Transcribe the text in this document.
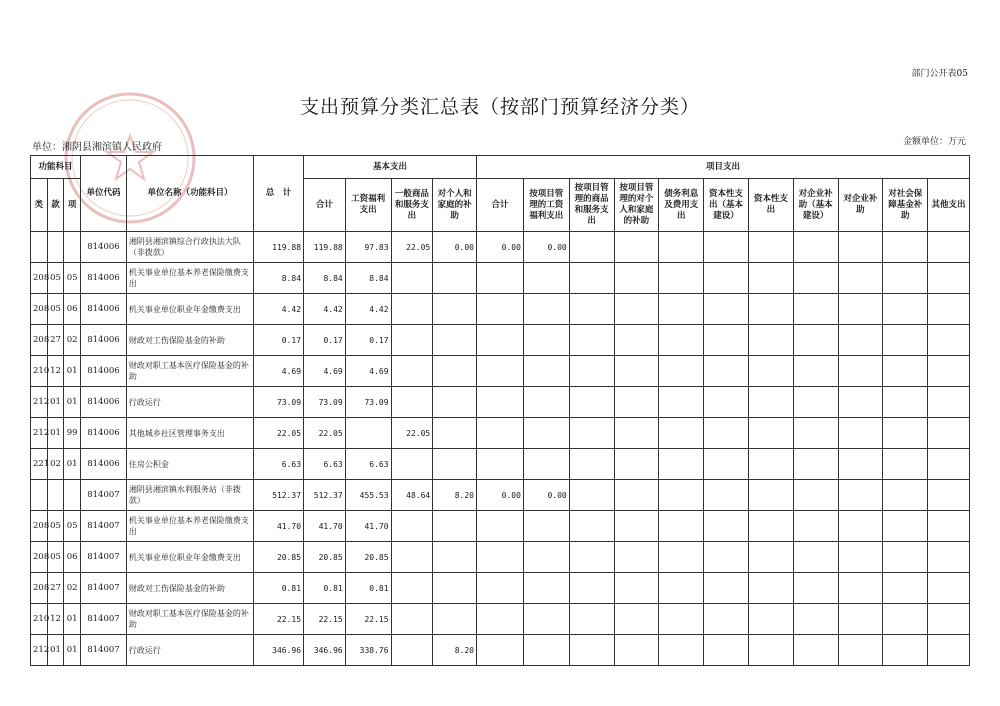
部门公开表05
支出预算分类汇总表（按部门预算经济分类）
单位：湘阴县湘滨镇人民政府	金额单位：万元
功能科目			单位代码	单位名称（功能科目）	总　计	基本支出				项目支出										
类	款	项				合计	工资福利支出	一般商品和服务支出	对个人和家庭的补助	合计	按项目管理的工资福利支出	按项目管理的商品和服务支出	按项目管理的对个人和家庭的补助	债务利息及费用支出	资本性支出（基本建设）	资本性支出	对企业补助（基本建设）	对企业补助	对社会保障基金补助	其他支出
			814006	湘阴县湘滨镇综合行政执法大队（非拨款）	119.88	119.88	97.83	22.05	0.00	0.00	0.00									
208	05	05	814006	机关事业单位基本养老保险缴费支出	8.84	8.84	8.84													
208	05	06	814006	机关事业单位职业年金缴费支出	4.42	4.42	4.42													
208	27	02	814006	财政对工伤保险基金的补助	0.17	0.17	0.17													
210	12	01	814006	财政对职工基本医疗保险基金的补助	4.69	4.69	4.69													
212	01	01	814006	行政运行	73.09	73.09	73.09													
212	01	99	814006	其他城乡社区管理事务支出	22.05	22.05		22.05												
221	02	01	814006	住房公积金	6.63	6.63	6.63													
			814007	湘阴县湘滨镇水利服务站（非拨款）	512.37	512.37	455.53	48.64	8.20	0.00	0.00									
208	05	05	814007	机关事业单位基本养老保险缴费支出	41.70	41.70	41.70													
208	05	06	814007	机关事业单位职业年金缴费支出	20.85	20.85	20.85													
208	27	02	814007	财政对工伤保险基金的补助	0.81	0.81	0.81													
210	12	01	814007	财政对职工基本医疗保险基金的补助	22.15	22.15	22.15													
212	01	01	814007	行政运行	346.96	346.96	338.76		8.20											
